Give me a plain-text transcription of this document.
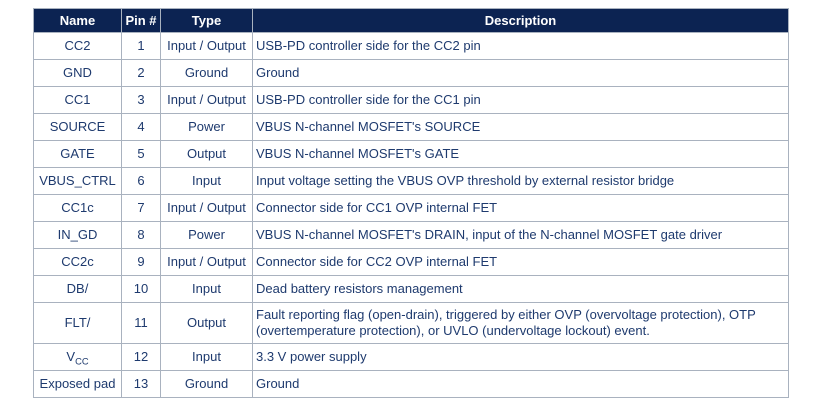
Name	Pin #	Type	Description
CC2	1	Input / Output	USB-PD controller side for the CC2 pin
GND	2	Ground	Ground
CC1	3	Input / Output	USB-PD controller side for the CC1 pin
SOURCE	4	Power	VBUS N-channel MOSFET's SOURCE
GATE	5	Output	VBUS N-channel MOSFET's GATE
VBUS_CTRL	6	Input	Input voltage setting the VBUS OVP threshold by external resistor bridge
CC1c	7	Input / Output	Connector side for CC1 OVP internal FET
IN_GD	8	Power	VBUS N-channel MOSFET's DRAIN, input of the N-channel MOSFET gate driver
CC2c	9	Input / Output	Connector side for CC2 OVP internal FET
DB/	10	Input	Dead battery resistors management
FLT/	11	Output	Fault reporting flag (open-drain), triggered by either OVP (overvoltage protection), OTP (overtemperature protection), or UVLO (undervoltage lockout) event.
$V_{CC}$	12	Input	3.3 V power supply
Exposed pad	13	Ground	Ground
